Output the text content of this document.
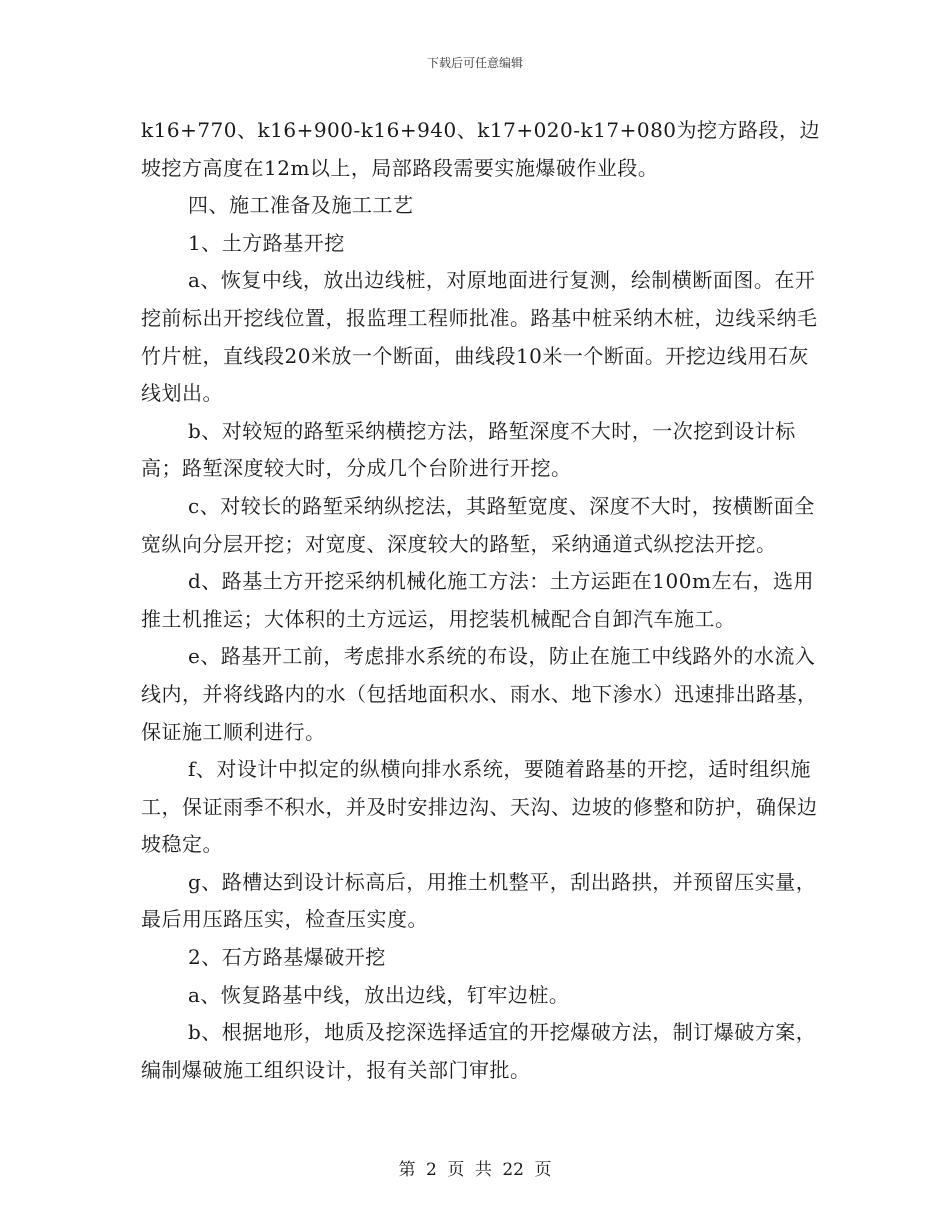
下载后可任意编辑

k16+770、k16+900-k16+940、k17+020-k17+080为挖方路段，边坡挖方高度在12m以上，局部路段需要实施爆破作业段。

四、施工准备及施工工艺

1、土方路基开挖

a、恢复中线，放出边线桩，对原地面进行复测，绘制横断面图。在开挖前标出开挖线位置，报监理工程师批准。路基中桩采纳木桩，边线采纳毛竹片桩，直线段20米放一个断面，曲线段10米一个断面。开挖边线用石灰线划出。

b、对较短的路堑采纳横挖方法，路堑深度不大时，一次挖到设计标高；路堑深度较大时，分成几个台阶进行开挖。

c、对较长的路堑采纳纵挖法，其路堑宽度、深度不大时，按横断面全宽纵向分层开挖；对宽度、深度较大的路堑，采纳通道式纵挖法开挖。

d、路基土方开挖采纳机械化施工方法：土方运距在100m左右，选用推土机推运；大体积的土方远运，用挖装机械配合自卸汽车施工。

e、路基开工前，考虑排水系统的布设，防止在施工中线路外的水流入线内，并将线路内的水（包括地面积水、雨水、地下渗水）迅速排出路基，保证施工顺利进行。

f、对设计中拟定的纵横向排水系统，要随着路基的开挖，适时组织施工，保证雨季不积水，并及时安排边沟、天沟、边坡的修整和防护，确保边坡稳定。

g、路槽达到设计标高后，用推土机整平，刮出路拱，并预留压实量，最后用压路压实，检查压实度。

2、石方路基爆破开挖

a、恢复路基中线，放出边线，钉牢边桩。

b、根据地形，地质及挖深选择适宜的开挖爆破方法，制订爆破方案，编制爆破施工组织设计，报有关部门审批。

第 2 页 共 22 页
